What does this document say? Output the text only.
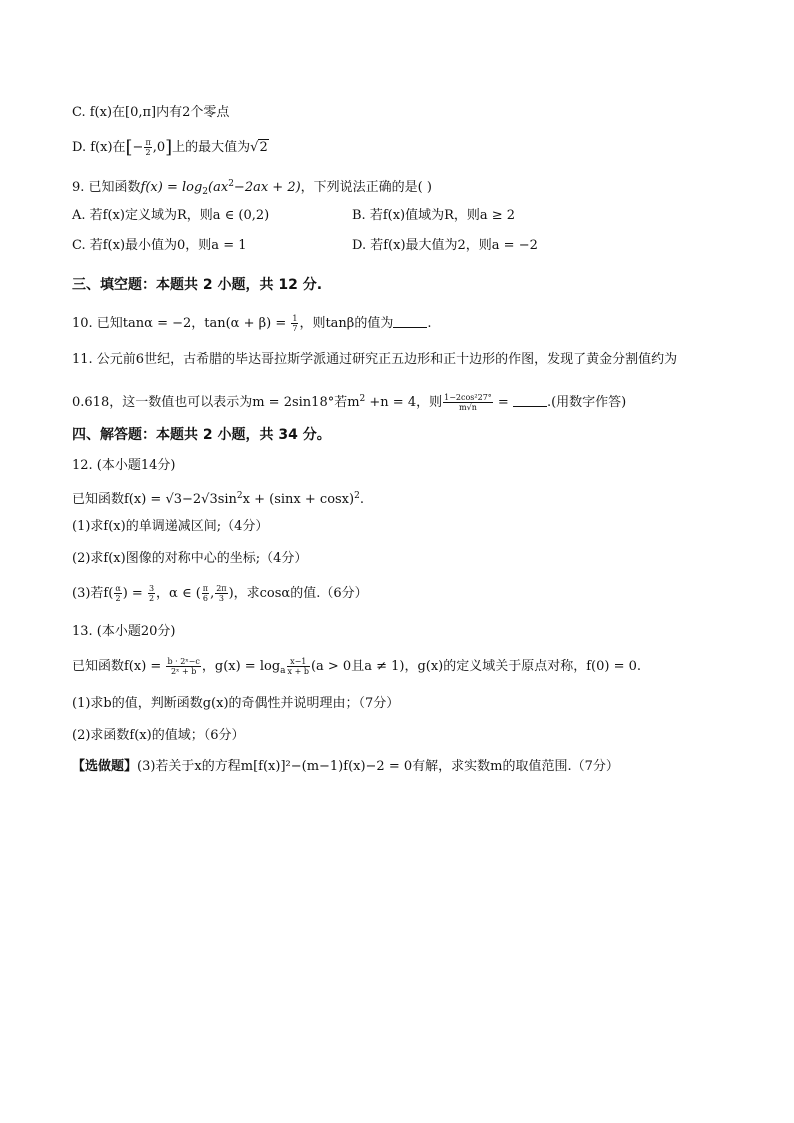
C. f(x)在[0,π]内有2个零点
D. f(x)在[− $\frac{\pi}{2} ,0$]上的最大值为√2
9. 已知函数$f(x) = \log_2(ax^2-2ax + 2)$，下列说法正确的是( )
A. 若f(x)定义域为R，则a ∈ (0,2)	B. 若f(x)值域为R，则a ≥ 2
C. 若f(x)最小值为0，则a = 1	D. 若f(x)最大值为2，则a = −2
三、填空题：本题共 2 小题，共 12 分.
10. 已知tanα = −2，$\tan(\alpha + \beta) = \frac{1}{7}$ ，则tanβ的值为	.
11. 公元前6世纪，古希腊的毕达哥拉斯学派通过研究正五边形和正十边形的作图，发现了黄金分割值约为
0.618，这一数值也可以表示为m = 2sin18°若$m^2 +n = 4$，则 $\frac{\text{1−2cos²27°}}{m√n}$ =	.(用数字作答)
四、解答题：本题共 2 小题，共 34 分。
12. (本小题14分)
已知函数$f(x) = √3-2√3\sin^2x + (\sin x + \cos x)^2$.
(1)求f(x)的单调递减区间;（4分）
(2)求f(x)图像的对称中心的坐标;（4分）
(3)若$f( \frac{\alpha}{2}$ ) = $\frac{3}{2}$ ，α ∈ ( $\frac{\pi}{6}$ , $\frac{2\pi}{3}$ )，求cosα的值.（6分）
13. (本小题20分)
已知函数$f(x) = \frac{\text{b · 2ˣ−c}}{\text{2ˣ + b}}$ ，$g(x) = \log_a \frac{x-1}{x + b} (a > 0$且a ≠ 1)，g(x)的定义域关于原点对称，f(0) = 0.
(1)求b的值，判断函数g(x)的奇偶性并说明理由；（7分）
(2)求函数f(x)的值域；（6分）
【选做题】(3)若关于x的方程m[f(x)]²−(m−1)f(x)−2 = 0有解，求实数m的取值范围.（7分）
